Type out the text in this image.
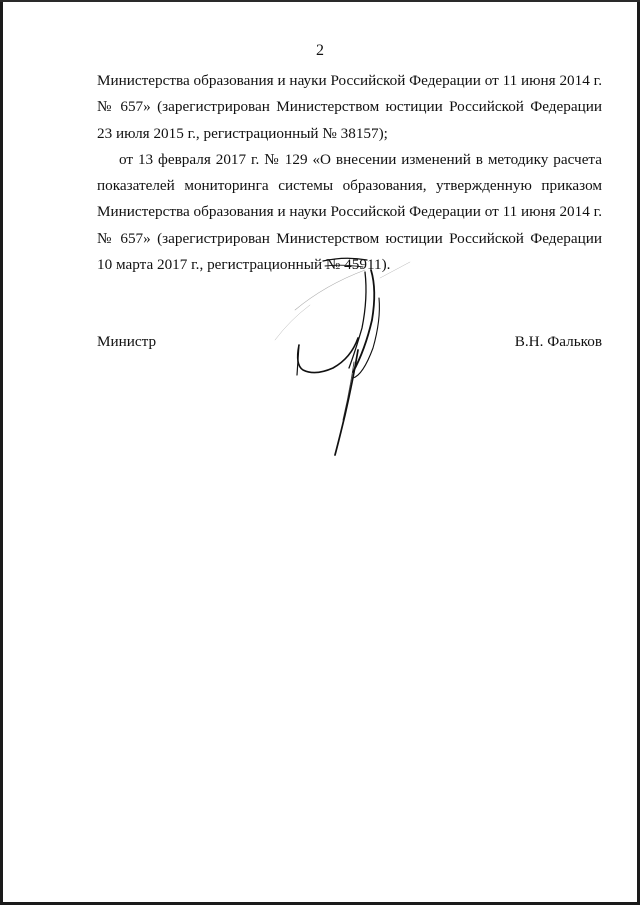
2
Министерства образования и науки Российской Федерации от 11 июня 2014 г.
№ 657» (зарегистрирован Министерством юстиции Российской Федерации
23 июля 2015 г., регистрационный № 38157);
от 13 февраля 2017 г. № 129 «О внесении изменений в методику расчета
показателей мониторинга системы образования, утвержденную приказом
Министерства образования и науки Российской Федерации от 11 июня 2014 г.
№ 657» (зарегистрирован Министерством юстиции Российской Федерации
10 марта 2017 г., регистрационный № 45911).
Министр	В.Н. Фальков
